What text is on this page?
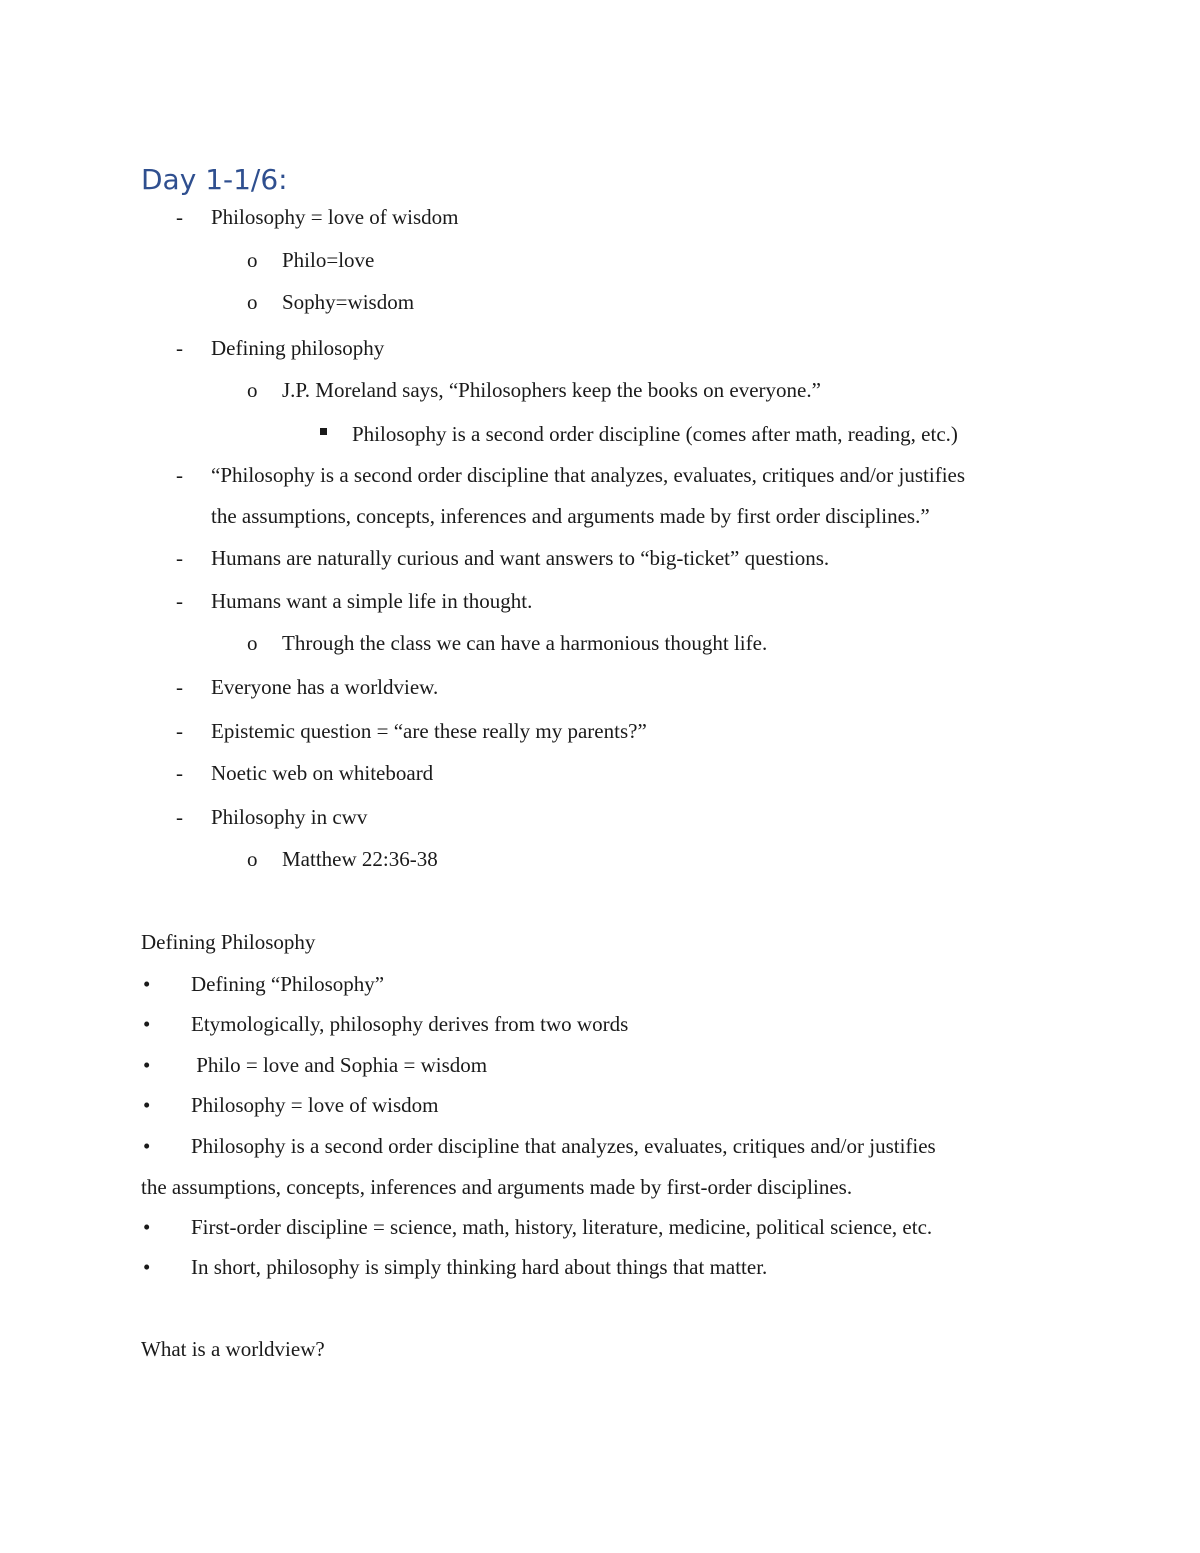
Day 1-1/6:
- Philosophy = love of wisdom
o Philo=love
o Sophy=wisdom
- Defining philosophy
o J.P. Moreland says, “Philosophers keep the books on everyone.”
Philosophy is a second order discipline (comes after math, reading, etc.)
- “Philosophy is a second order discipline that analyzes, evaluates, critiques and/or justifies
the assumptions, concepts, inferences and arguments made by first order disciplines.”
- Humans are naturally curious and want answers to “big-ticket” questions.
- Humans want a simple life in thought.
o Through the class we can have a harmonious thought life.
- Everyone has a worldview.
- Epistemic question = “are these really my parents?”
- Noetic web on whiteboard
- Philosophy in cwv
o Matthew 22:36-38
Defining Philosophy
• Defining “Philosophy”
• Etymologically, philosophy derives from two words
• Philo = love and Sophia = wisdom
• Philosophy = love of wisdom
• Philosophy is a second order discipline that analyzes, evaluates, critiques and/or justifies
the assumptions, concepts, inferences and arguments made by first-order disciplines.
• First-order discipline = science, math, history, literature, medicine, political science, etc.
• In short, philosophy is simply thinking hard about things that matter.
What is a worldview?
